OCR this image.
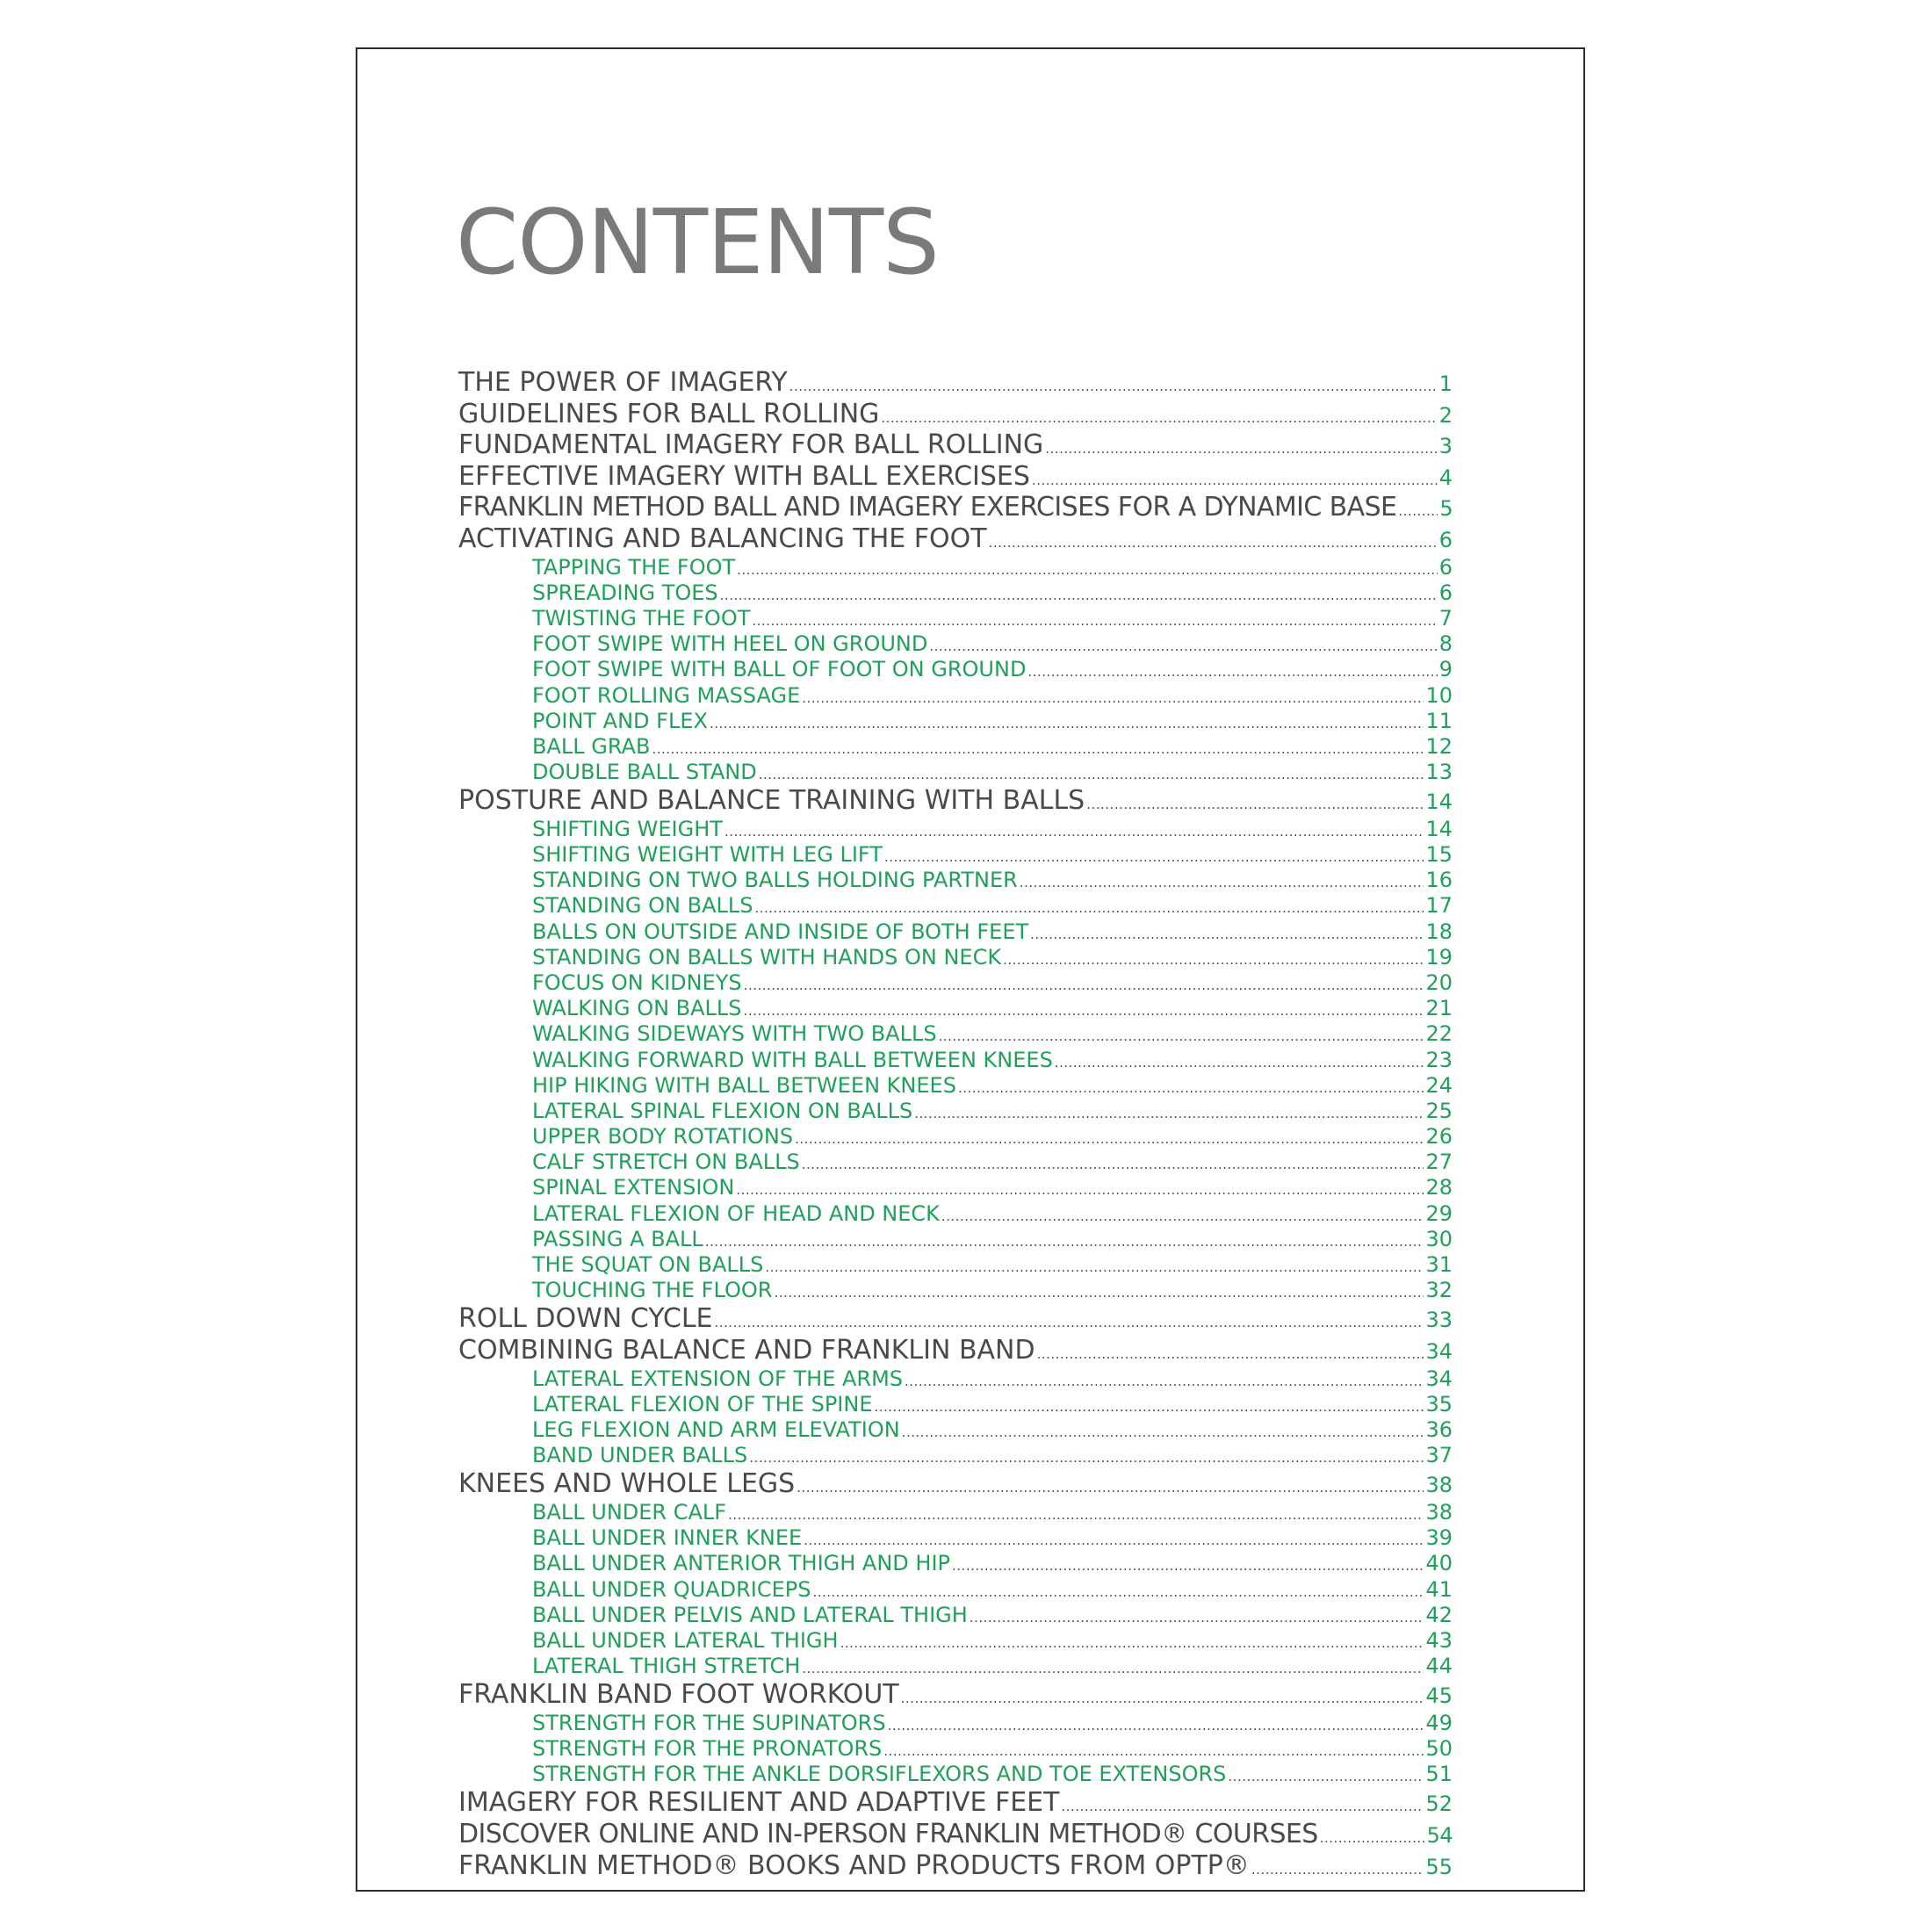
CONTENTS
THE POWER OF IMAGERY .....	1
GUIDELINES FOR BALL ROLLING .....	2
FUNDAMENTAL IMAGERY FOR BALL ROLLING .....	3
EFFECTIVE IMAGERY WITH BALL EXERCISES .....	4
FRANKLIN METHOD BALL AND IMAGERY EXERCISES FOR A DYNAMIC BASE ..... 5
ACTIVATING AND BALANCING THE FOOT .....	6
TAPPING THE FOOT .....	6
SPREADING TOES .....	6
TWISTING THE FOOT .....	7
FOOT SWIPE WITH HEEL ON GROUND .....	8
FOOT SWIPE WITH BALL OF FOOT ON GROUND .....	9
FOOT ROLLING MASSAGE .....	10
POINT AND FLEX .....	11
BALL GRAB .....	12
DOUBLE BALL STAND .....	13
POSTURE AND BALANCE TRAINING WITH BALLS .....	14
SHIFTING WEIGHT .....	14
SHIFTING WEIGHT WITH LEG LIFT .....	15
STANDING ON TWO BALLS HOLDING PARTNER .....	16
STANDING ON BALLS .....	17
BALLS ON OUTSIDE AND INSIDE OF BOTH FEET .....	18
STANDING ON BALLS WITH HANDS ON NECK .....	19
FOCUS ON KIDNEYS .....	20
WALKING ON BALLS .....	21
WALKING SIDEWAYS WITH TWO BALLS .....	22
WALKING FORWARD WITH BALL BETWEEN KNEES .....	23
HIP HIKING WITH BALL BETWEEN KNEES .....	24
LATERAL SPINAL FLEXION ON BALLS .....	25
UPPER BODY ROTATIONS .....	26
CALF STRETCH ON BALLS .....	27
SPINAL EXTENSION .....	28
LATERAL FLEXION OF HEAD AND NECK .....	29
PASSING A BALL .....	30
THE SQUAT ON BALLS .....	31
TOUCHING THE FLOOR .....	32
ROLL DOWN CYCLE .....	33
COMBINING BALANCE AND FRANKLIN BAND .....	34
LATERAL EXTENSION OF THE ARMS .....	34
LATERAL FLEXION OF THE SPINE .....	35
LEG FLEXION AND ARM ELEVATION .....	36
BAND UNDER BALLS .....	37
KNEES AND WHOLE LEGS .....	38
BALL UNDER CALF .....	38
BALL UNDER INNER KNEE .....	39
BALL UNDER ANTERIOR THIGH AND HIP .....	40
BALL UNDER QUADRICEPS .....	41
BALL UNDER PELVIS AND LATERAL THIGH .....	42
BALL UNDER LATERAL THIGH .....	43
LATERAL THIGH STRETCH .....	44
FRANKLIN BAND FOOT WORKOUT .....	45
STRENGTH FOR THE SUPINATORS .....	49
STRENGTH FOR THE PRONATORS .....	50
STRENGTH FOR THE ANKLE DORSIFLEXORS AND TOE EXTENSORS .....	51
IMAGERY FOR RESILIENT AND ADAPTIVE FEET .....	52
DISCOVER ONLINE AND IN-PERSON FRANKLIN METHOD® COURSES .....	54
FRANKLIN METHOD® BOOKS AND PRODUCTS FROM OPTP® .....	55
